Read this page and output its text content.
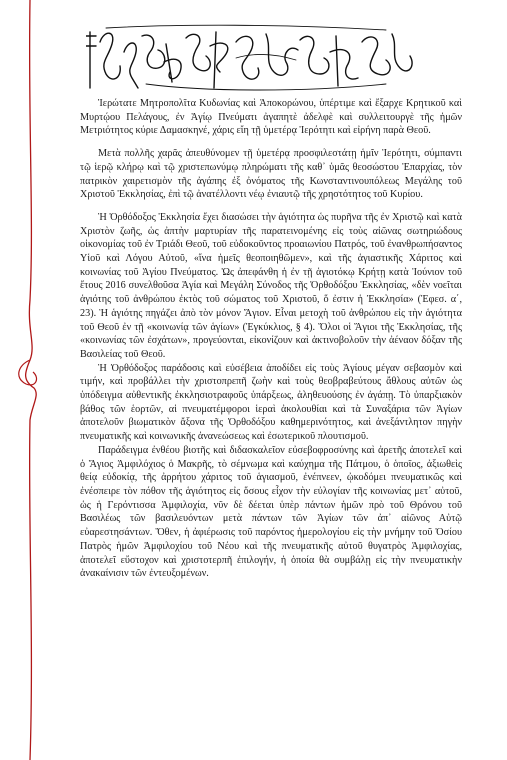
Ἱερώτατε Μητροπολῖτα Κυδωνίας καὶ Ἀποκορώνου, ὑπέρτιμε καὶ ἔξαρχε Κρητικοῦ καὶ Μυρτῴου Πελάγους, ἐν Ἁγίῳ Πνεύματι ἀγαπητὲ ἀδελφὲ καὶ συλλειτουργὲ τῆς ἡμῶν Μετριότητος κύριε Δαμασκηνέ, χάρις εἴη τῇ ὑμετέρᾳ Ἱερότητι καὶ εἰρήνη παρὰ Θεοῦ.

Μετὰ πολλῆς χαρᾶς ἀπευθύνομεν τῇ ὑμετέρᾳ προσφιλεστάτῃ ἡμῖν Ἱερότητι, σύμπαντι τῷ ἱερῷ κλήρῳ καὶ τῷ χριστεπωνύμῳ πληρώματι τῆς καθ᾽ ὑμᾶς θεοσώστου Ἐπαρχίας, τὸν πατρικὸν χαιρετισμὸν τῆς ἀγάπης ἐξ ὀνόματος τῆς Κωνσταντινουπόλεως Μεγάλης τοῦ Χριστοῦ Ἐκκλησίας, ἐπὶ τῷ ἀνατέλλοντι νέῳ ἐνιαυτῷ τῆς χρηστότητος τοῦ Κυρίου.

Ἡ Ὀρθόδοξος Ἐκκλησία ἔχει διασώσει τὴν ἁγιότητα ὡς πυρῆνα τῆς ἐν Χριστῷ καὶ κατὰ Χριστὸν ζωῆς, ὡς ἀπτὴν μαρτυρίαν τῆς παρατεινομένης εἰς τοὺς αἰῶνας σωτηριώδους οἰκονομίας τοῦ ἐν Τριάδι Θεοῦ, τοῦ εὐδοκοῦντος προαιωνίου Πατρός, τοῦ ἐνανθρωπήσαντος Υἱοῦ καὶ Λόγου Αὐτοῦ, «ἵνα ἡμεῖς θεοποιηθῶμεν», καὶ τῆς ἁγιαστικῆς Χάριτος καὶ κοινωνίας τοῦ Ἁγίου Πνεύματος. Ὡς ἀπεφάνθη ἡ ἐν τῇ ἁγιοτόκῳ Κρήτῃ κατὰ Ἰούνιον τοῦ ἔτους 2016 συνελθοῦσα Ἁγία καὶ Μεγάλη Σύνοδος τῆς Ὀρθοδόξου Ἐκκλησίας, «δὲν νοεῖται ἁγιότης τοῦ ἀνθρώπου ἐκτὸς τοῦ σώματος τοῦ Χριστοῦ, ὅ ἐστιν ἡ Ἐκκλησία» (Ἐφεσ. α΄, 23). Ἡ ἁγιότης πηγάζει ἀπὸ τὸν μόνον Ἅγιον. Εἶναι μετοχὴ τοῦ ἀνθρώπου εἰς τὴν ἁγιότητα τοῦ Θεοῦ ἐν τῇ «κοινωνίᾳ τῶν ἁγίων» (Ἐγκύκλιος, § 4). Ὅλοι οἱ Ἅγιοι τῆς Ἐκκλησίας, τῆς «κοινωνίας τῶν ἐσχάτων», προγεύονται, εἰκονίζουν καὶ ἀκτινοβολοῦν τὴν ἀέναον δόξαν τῆς Βασιλείας τοῦ Θεοῦ.

Ἡ Ὀρθόδοξος παράδοσις καὶ εὐσέβεια ἀποδίδει εἰς τοὺς Ἁγίους μέγαν σεβασμὸν καὶ τιμήν, καὶ προβάλλει τὴν χριστοπρεπῆ ζωὴν καὶ τοὺς θεοβραβεύτους ἄθλους αὐτῶν ὡς ὑπόδειγμα αὐθεντικῆς ἐκκλησιοτραφοῦς ὑπάρξεως, ἀληθευούσης ἐν ἀγάπῃ. Τὸ ὑπαρξιακὸν βάθος τῶν ἑορτῶν, αἱ πνευματέμφοροι ἱεραὶ ἀκολουθίαι καὶ τὰ Συναξάρια τῶν Ἁγίων ἀποτελοῦν βιωματικὸν ἄξονα τῆς Ὀρθοδόξου καθημερινότητος, καὶ ἀνεξάντλητον πηγὴν πνευματικῆς καὶ κοινωνικῆς ἀνανεώσεως καὶ ἐσωτερικοῦ πλουτισμοῦ.

Παράδειγμα ἐνθέου βιοτῆς καὶ διδασκαλεῖον εὐσεβοφροσύνης καὶ ἀρετῆς ἀποτελεῖ καὶ ὁ Ἅγιος Ἀμφιλόχιος ὁ Μακρῆς, τὸ σέμνωμα καὶ καύχημα τῆς Πάτμου, ὁ ὁποῖος, ἀξιωθεὶς θείᾳ εὐδοκίᾳ, τῆς ἀρρήτου χάριτος τοῦ ἁγιασμοῦ, ἐνέπνεεν, ᾠκοδόμει πνευματικῶς καὶ ἐνέσπειρε τὸν πόθον τῆς ἁγιότητος εἰς ὅσους εἶχον τὴν εὐλογίαν τῆς κοινωνίας μετ᾽ αὐτοῦ, ὡς ἡ Γερόντισσα Ἀμφιλοχία, νῦν δὲ δέεται ὑπὲρ πάντων ἡμῶν πρὸ τοῦ Θρόνου τοῦ Βασιλέως τῶν βασιλευόντων μετὰ πάντων τῶν Ἁγίων τῶν ἀπ᾽ αἰῶνος Αὐτῷ εὐαρεστησάντων. Ὅθεν, ἡ ἀφιέρωσις τοῦ παρόντος ἡμερολογίου εἰς τὴν μνήμην τοῦ Ὁσίου Πατρὸς ἡμῶν Ἀμφιλοχίου τοῦ Νέου καὶ τῆς πνευματικῆς αὐτοῦ θυγατρὸς Ἀμφιλοχίας, ἀποτελεῖ εὔστοχον καὶ χριστοτερπῆ ἐπιλογήν, ἡ ὁποία θὰ συμβάλῃ εἰς τὴν πνευματικὴν ἀνακαίνισιν τῶν ἐντευξομένων.
